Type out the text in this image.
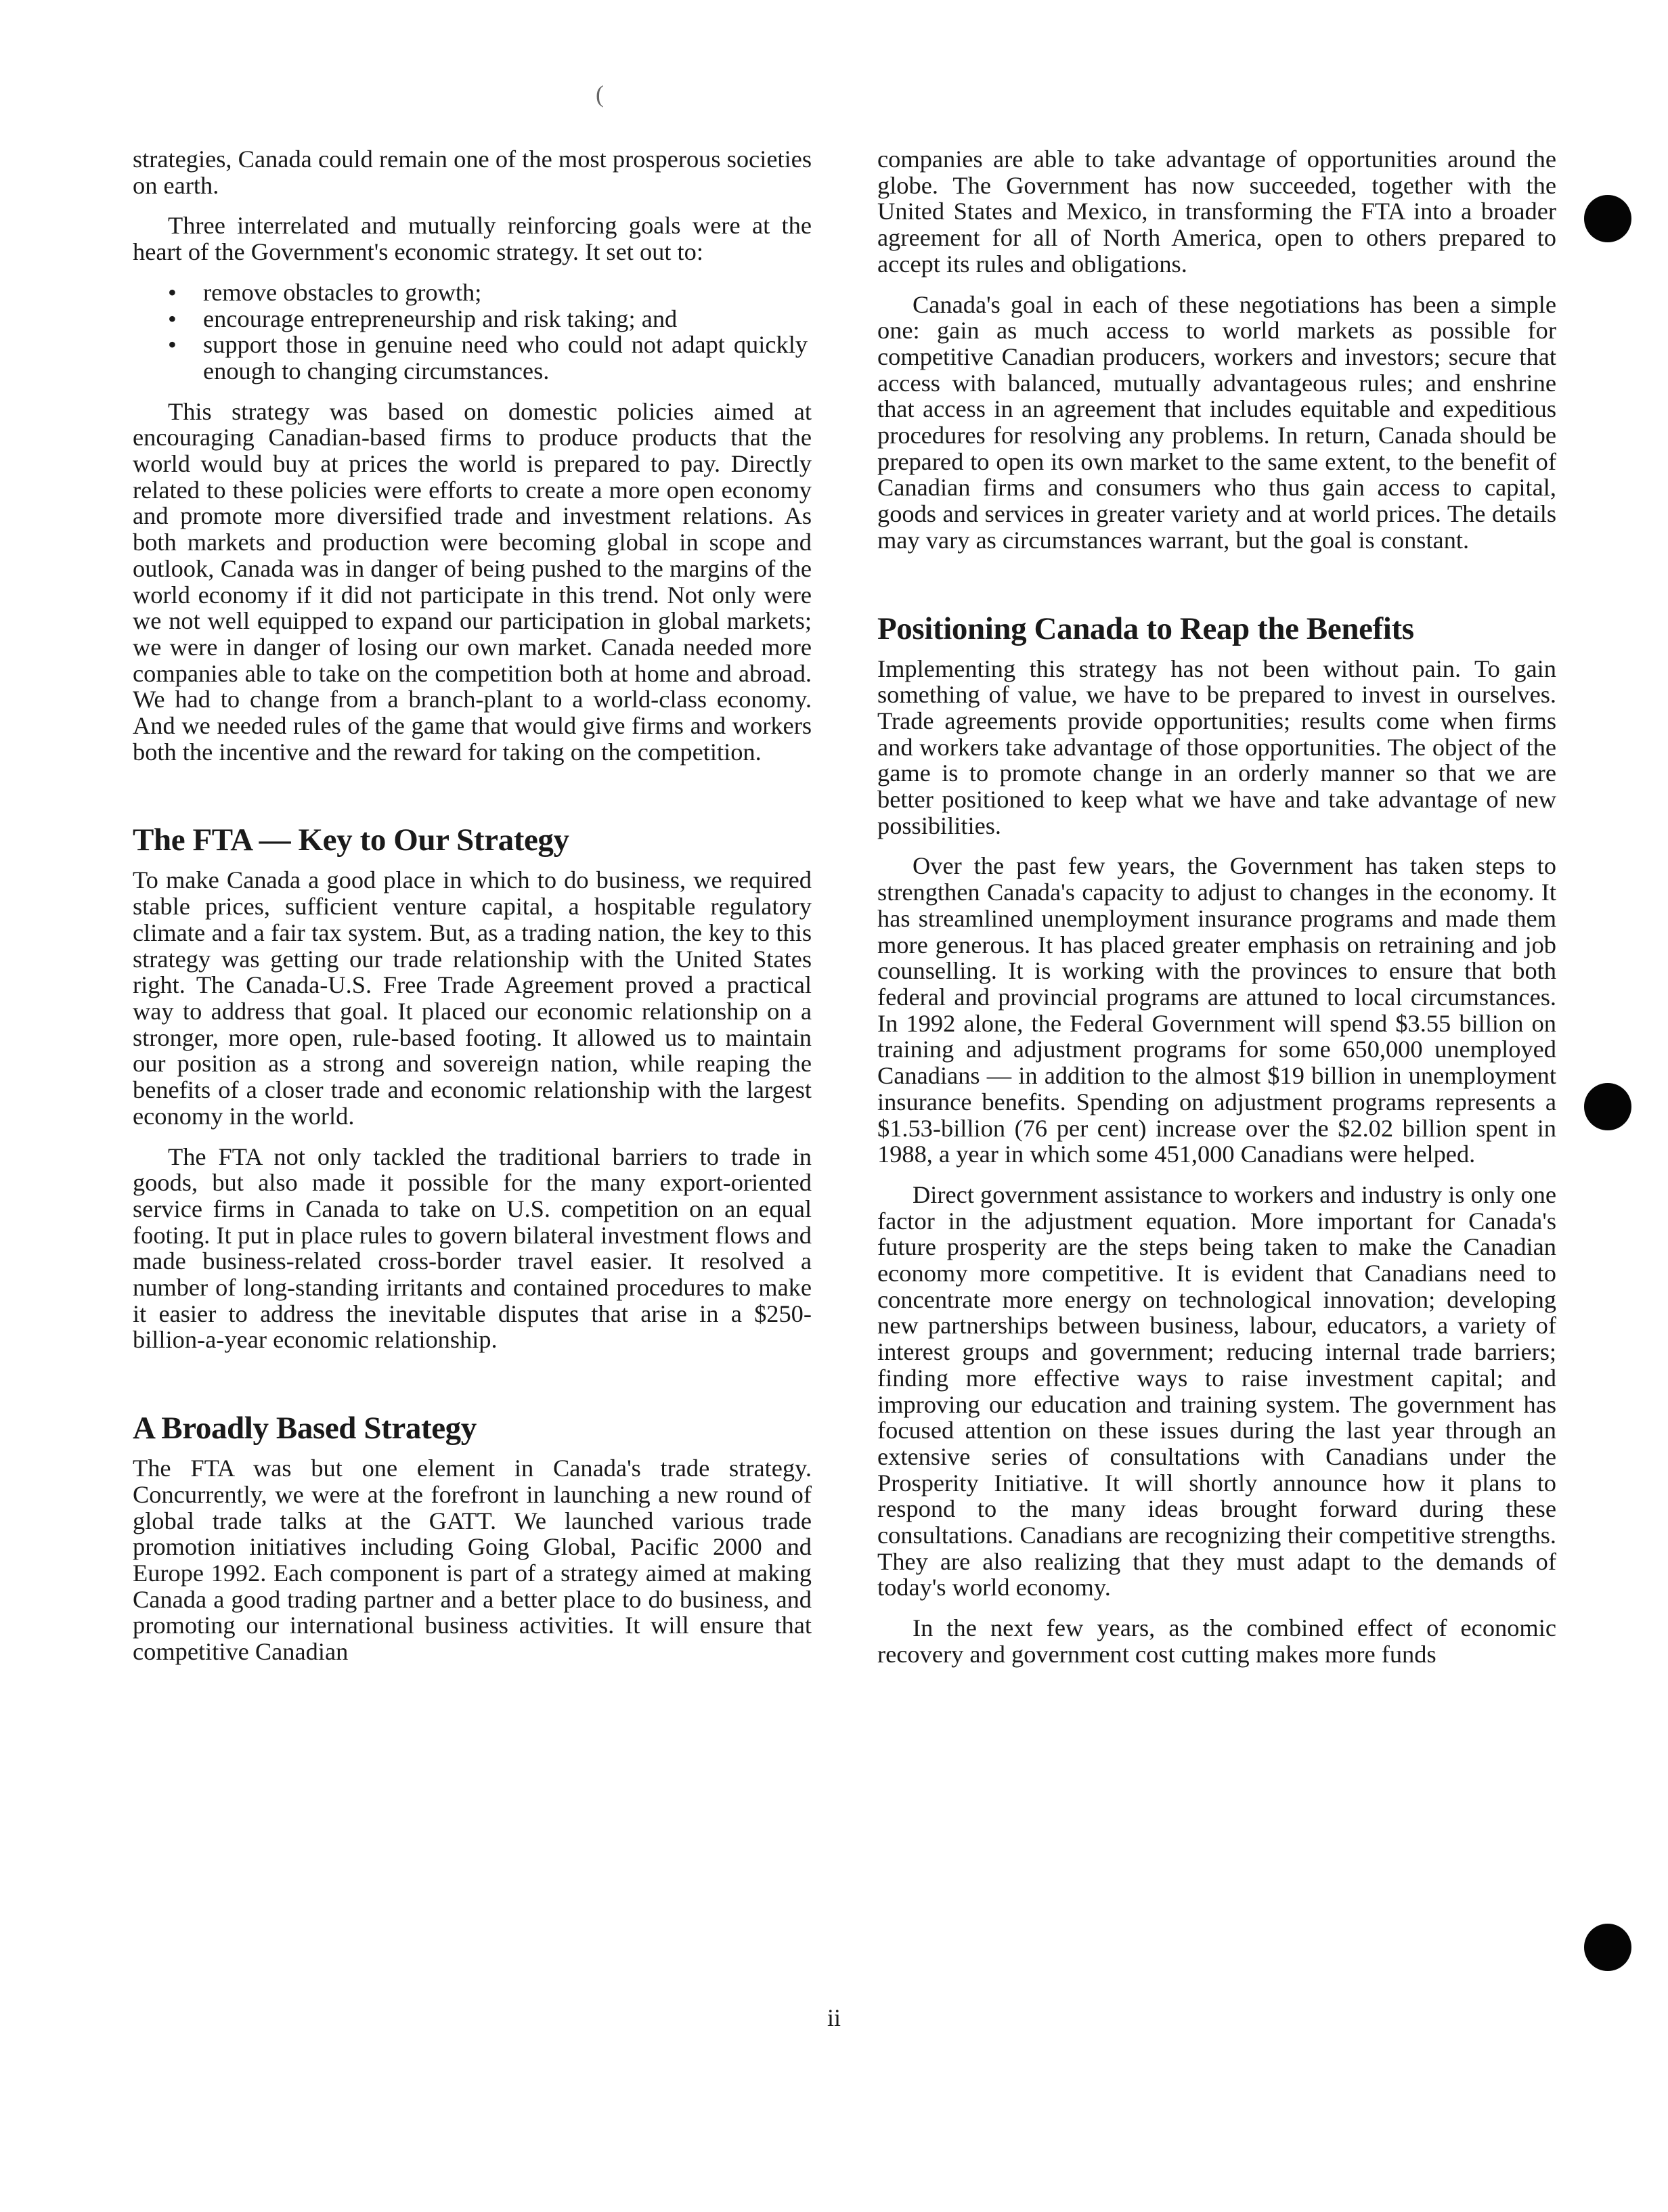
(

strategies, Canada could remain one of the most prosperous societies on earth.

Three interrelated and mutually reinforcing goals were at the heart of the Government's economic strategy. It set out to:

• remove obstacles to growth;
• encourage entrepreneurship and risk taking; and
• support those in genuine need who could not adapt quickly enough to changing circumstances.

This strategy was based on domestic policies aimed at encouraging Canadian-based firms to produce products that the world would buy at prices the world is prepared to pay. Directly related to these policies were efforts to create a more open economy and promote more diversified trade and investment relations. As both markets and production were becoming global in scope and outlook, Canada was in danger of being pushed to the margins of the world economy if it did not participate in this trend. Not only were we not well equipped to expand our participation in global markets; we were in danger of losing our own market. Canada needed more companies able to take on the competition both at home and abroad. We had to change from a branch-plant to a world-class economy. And we needed rules of the game that would give firms and workers both the incentive and the reward for taking on the competition.

The FTA — Key to Our Strategy

To make Canada a good place in which to do business, we required stable prices, sufficient venture capital, a hospitable regulatory climate and a fair tax system. But, as a trading nation, the key to this strategy was getting our trade relationship with the United States right. The Canada-U.S. Free Trade Agreement proved a practical way to address that goal. It placed our economic relationship on a stronger, more open, rule-based footing. It allowed us to maintain our position as a strong and sovereign nation, while reaping the benefits of a closer trade and economic relationship with the largest economy in the world.

The FTA not only tackled the traditional barriers to trade in goods, but also made it possible for the many export-oriented service firms in Canada to take on U.S. competition on an equal footing. It put in place rules to govern bilateral investment flows and made business-related cross-border travel easier. It resolved a number of long-standing irritants and contained procedures to make it easier to address the inevitable disputes that arise in a $250-billion-a-year economic relationship.

A Broadly Based Strategy

The FTA was but one element in Canada's trade strategy. Concurrently, we were at the forefront in launching a new round of global trade talks at the GATT. We launched various trade promotion initiatives including Going Global, Pacific 2000 and Europe 1992. Each component is part of a strategy aimed at making Canada a good trading partner and a better place to do business, and promoting our international business activities. It will ensure that competitive Canadian

companies are able to take advantage of opportunities around the globe. The Government has now succeeded, together with the United States and Mexico, in transforming the FTA into a broader agreement for all of North America, open to others prepared to accept its rules and obligations.

Canada's goal in each of these negotiations has been a simple one: gain as much access to world markets as possible for competitive Canadian producers, workers and investors; secure that access with balanced, mutually advantageous rules; and enshrine that access in an agreement that includes equitable and expeditious procedures for resolving any problems. In return, Canada should be prepared to open its own market to the same extent, to the benefit of Canadian firms and consumers who thus gain access to capital, goods and services in greater variety and at world prices. The details may vary as circumstances warrant, but the goal is constant.

Positioning Canada to Reap the Benefits

Implementing this strategy has not been without pain. To gain something of value, we have to be prepared to invest in ourselves. Trade agreements provide opportunities; results come when firms and workers take advantage of those opportunities. The object of the game is to promote change in an orderly manner so that we are better positioned to keep what we have and take advantage of new possibilities.

Over the past few years, the Government has taken steps to strengthen Canada's capacity to adjust to changes in the economy. It has streamlined unemployment insurance programs and made them more generous. It has placed greater emphasis on retraining and job counselling. It is working with the provinces to ensure that both federal and provincial programs are attuned to local circumstances. In 1992 alone, the Federal Government will spend $3.55 billion on training and adjustment programs for some 650,000 unemployed Canadians — in addition to the almost $19 billion in unemployment insurance benefits. Spending on adjustment programs represents a $1.53-billion (76 per cent) increase over the $2.02 billion spent in 1988, a year in which some 451,000 Canadians were helped.

Direct government assistance to workers and industry is only one factor in the adjustment equation. More important for Canada's future prosperity are the steps being taken to make the Canadian economy more competitive. It is evident that Canadians need to concentrate more energy on technological innovation; developing new partnerships between business, labour, educators, a variety of interest groups and government; reducing internal trade barriers; finding more effective ways to raise investment capital; and improving our education and training system. The government has focused attention on these issues during the last year through an extensive series of consultations with Canadians under the Prosperity Initiative. It will shortly announce how it plans to respond to the many ideas brought forward during these consultations. Canadians are recognizing their competitive strengths. They are also realizing that they must adapt to the demands of today's world economy.

In the next few years, as the combined effect of economic recovery and government cost cutting makes more funds

ii
